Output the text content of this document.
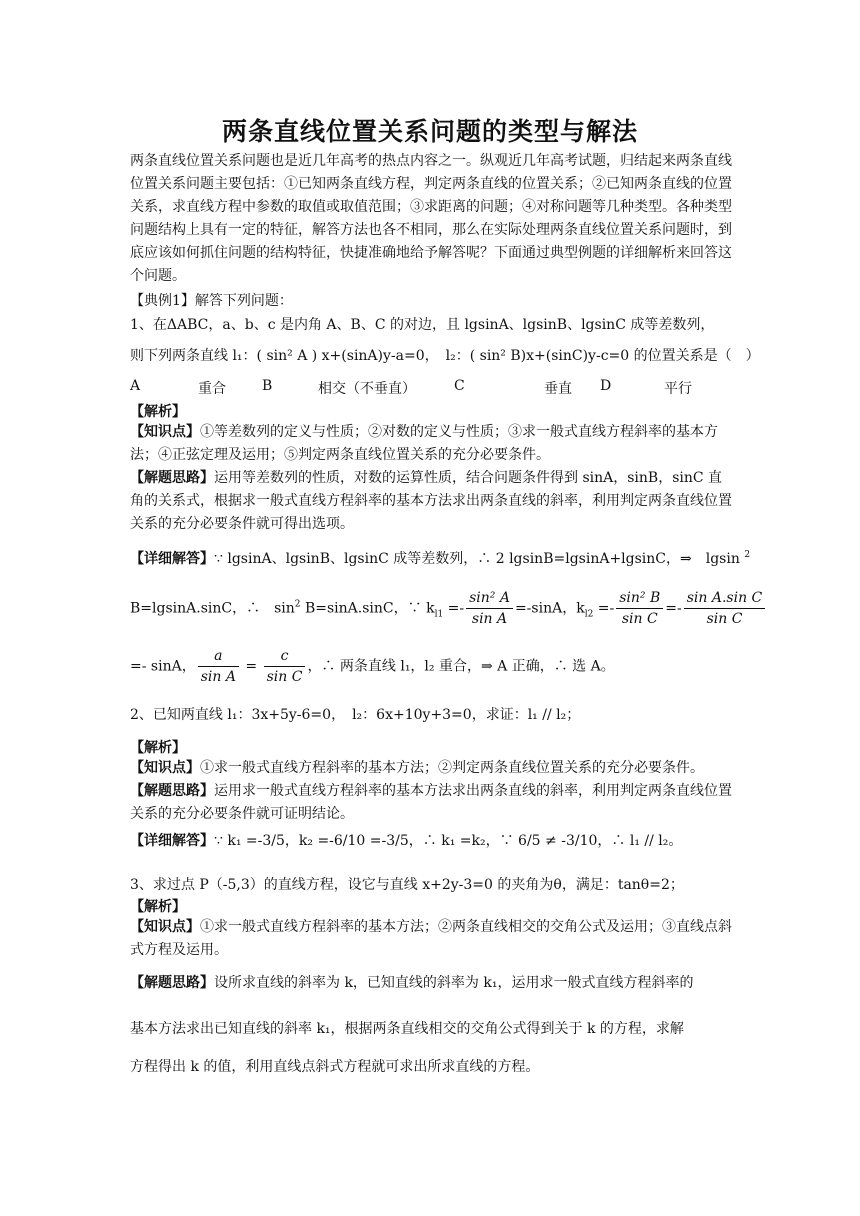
两条直线位置关系问题的类型与解法

两条直线位置关系问题也是近几年高考的热点内容之一。纵观近几年高考试题，归结起来两条直线位置关系问题主要包括：①已知两条直线方程，判定两条直线的位置关系；②已知两条直线的位置关系，求直线方程中参数的取值或取值范围；③求距离的问题；④对称问题等几种类型。各种类型问题结构上具有一定的特征，解答方法也各不相同，那么在实际处理两条直线位置关系问题时，到底应该如何抓住问题的结构特征，快捷准确地给予解答呢？下面通过典型例题的详细解析来回答这个问题。

【典例1】解答下列问题：
1、在ΔABC，a、b、c 是内角 A、B、C 的对边，且 lgsinA、lgsinB、lgsinC 成等差数列，
则下列两条直线 l₁：( sin² A ) x+(sinA)y-a=0，　l₂：( sin² B)x+(sinC)y-c=0 的位置关系是（　）
A	重合	B	相交（不垂直）	C	垂直 D	平行
【解析】

【知识点】①等差数列的定义与性质；②对数的定义与性质；③求一般式直线方程斜率的基本方法；④正弦定理及运用；⑤判定两条直线位置关系的充分必要条件。

【解题思路】运用等差数列的性质，对数的运算性质，结合问题条件得到 sinA，sinB，sinC 直角的关系式，根据求一般式直线方程斜率的基本方法求出两条直线的斜率，利用判定两条直线位置关系的充分必要条件就可得出选项。

【详细解答】∵ lgsinA、lgsinB、lgsinC 成等差数列，∴ 2 lgsinB=lgsinA+lgsinC，⇒　lgsin $^2$
B=lgsinA.sinC，∴　$\sin^2 B=\sin A.\sin C$，∵ $k_{l1} =- \frac{\text{sin² A}}{\text{sin A}} =-\sin A$，$k_{l2} =- \frac{\text{sin² B}}{\text{sin C}} =- \frac{\text{sin A.sin C}}{\text{sin C}}$
=- sinA， $\frac{a}{\text{sin A}} = \frac{c}{\text{sin C}}$ ，∴ 两条直线 l₁，l₂ 重合，⇒ A 正确，∴ 选 A。
2、已知两直线 l₁：3x+5y-6=0，　l₂：6x+10y+3=0，求证：l₁ // l₂；
【解析】

【知识点】①求一般式直线方程斜率的基本方法；②判定两条直线位置关系的充分必要条件。

【解题思路】运用求一般式直线方程斜率的基本方法求出两条直线的斜率，利用判定两条直线位置关系的充分必要条件就可证明结论。

【详细解答】∵ k₁ =-3/5，k₂ =-6/10 =-3/5，∴ k₁ =k₂，∵ 6/5 ≠ -3/10，∴ l₁ // l₂。
3、求过点 P（-5,3）的直线方程，设它与直线 x+2y-3=0 的夹角为θ，满足：tanθ=2；
【解析】

【知识点】①求一般式直线方程斜率的基本方法；②两条直线相交的交角公式及运用；③直线点斜式方程及运用。

【解题思路】设所求直线的斜率为 k，已知直线的斜率为 k₁，运用求一般式直线方程斜率的
基本方法求出已知直线的斜率 k₁，根据两条直线相交的交角公式得到关于 k 的方程，求解
方程得出 k 的值，利用直线点斜式方程就可求出所求直线的方程。
